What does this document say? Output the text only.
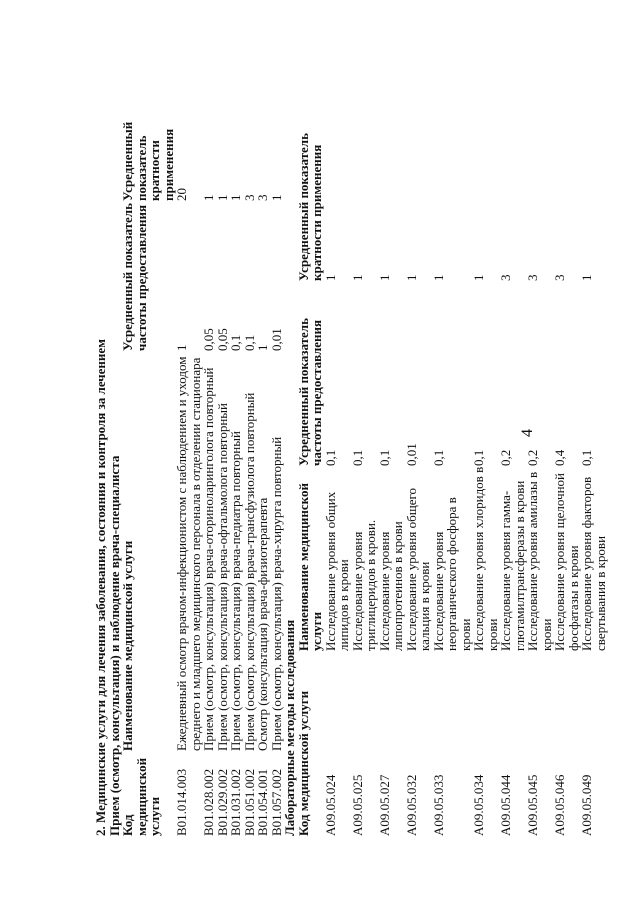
4
2. Медицинские услуги для лечения заболевания, состояния и контроля за лечением
Прием (осмотр, консультация) и наблюдение врача-специалиста
Код медицинской услуги	Наименование медицинской услуги	Усредненный показатель частоты предоставления	Усредненный показатель кратности применения
B01.014.003	Ежедневный осмотр врачом-инфекционистом с наблюдением и уходом среднего и младшего медицинского персонала в отделении стационара	1	20
B01.028.002	Прием (осмотр, консультация) врача-оториноларинголога повторный	0,05	1
B01.029.002	Прием (осмотр, консультация) врача-офтальмолога повторный	0,05	1
B01.031.002	Прием (осмотр, консультация) врача-педиатра повторный	0,1	1
B01.051.002	Прием (осмотр, консультация) врача-трансфузиолога повторный	0,1	3
B01.054.001	Осмотр (консультация) врача-физиотерапевта	1	3
B01.057.002	Прием (осмотр, консультация) врача-хирурга повторный	0,01	1
Лабораторные методы исследования			
Код медицинской услуги	Наименование медицинской услуги	Усредненный показатель частоты предоставления	Усредненный показатель кратности применения
A09.05.024	Исследование уровня общих липидов в крови	0,1	1
A09.05.025	Исследование уровня триглицеридов в крови.	0,1	1
A09.05.027	Исследование уровня липопротеинов в крови	0,1	1
A09.05.032	Исследование уровня общего кальция в крови	0,01	1
A09.05.033	Исследование уровня неорганического фосфора в крови	0,1	1
A09.05.034	Исследование уровня хлоридов в крови	0,1	1
A09.05.044	Исследование уровня гамма-глютамилтрансферазы в крови	0,2	3
A09.05.045	Исследование уровня амилазы в крови	0,2	3
A09.05.046	Исследование уровня щелочной фосфатазы в крови	0,4	3
A09.05.049	Исследование уровня факторов свертывания в крови	0,1	1
